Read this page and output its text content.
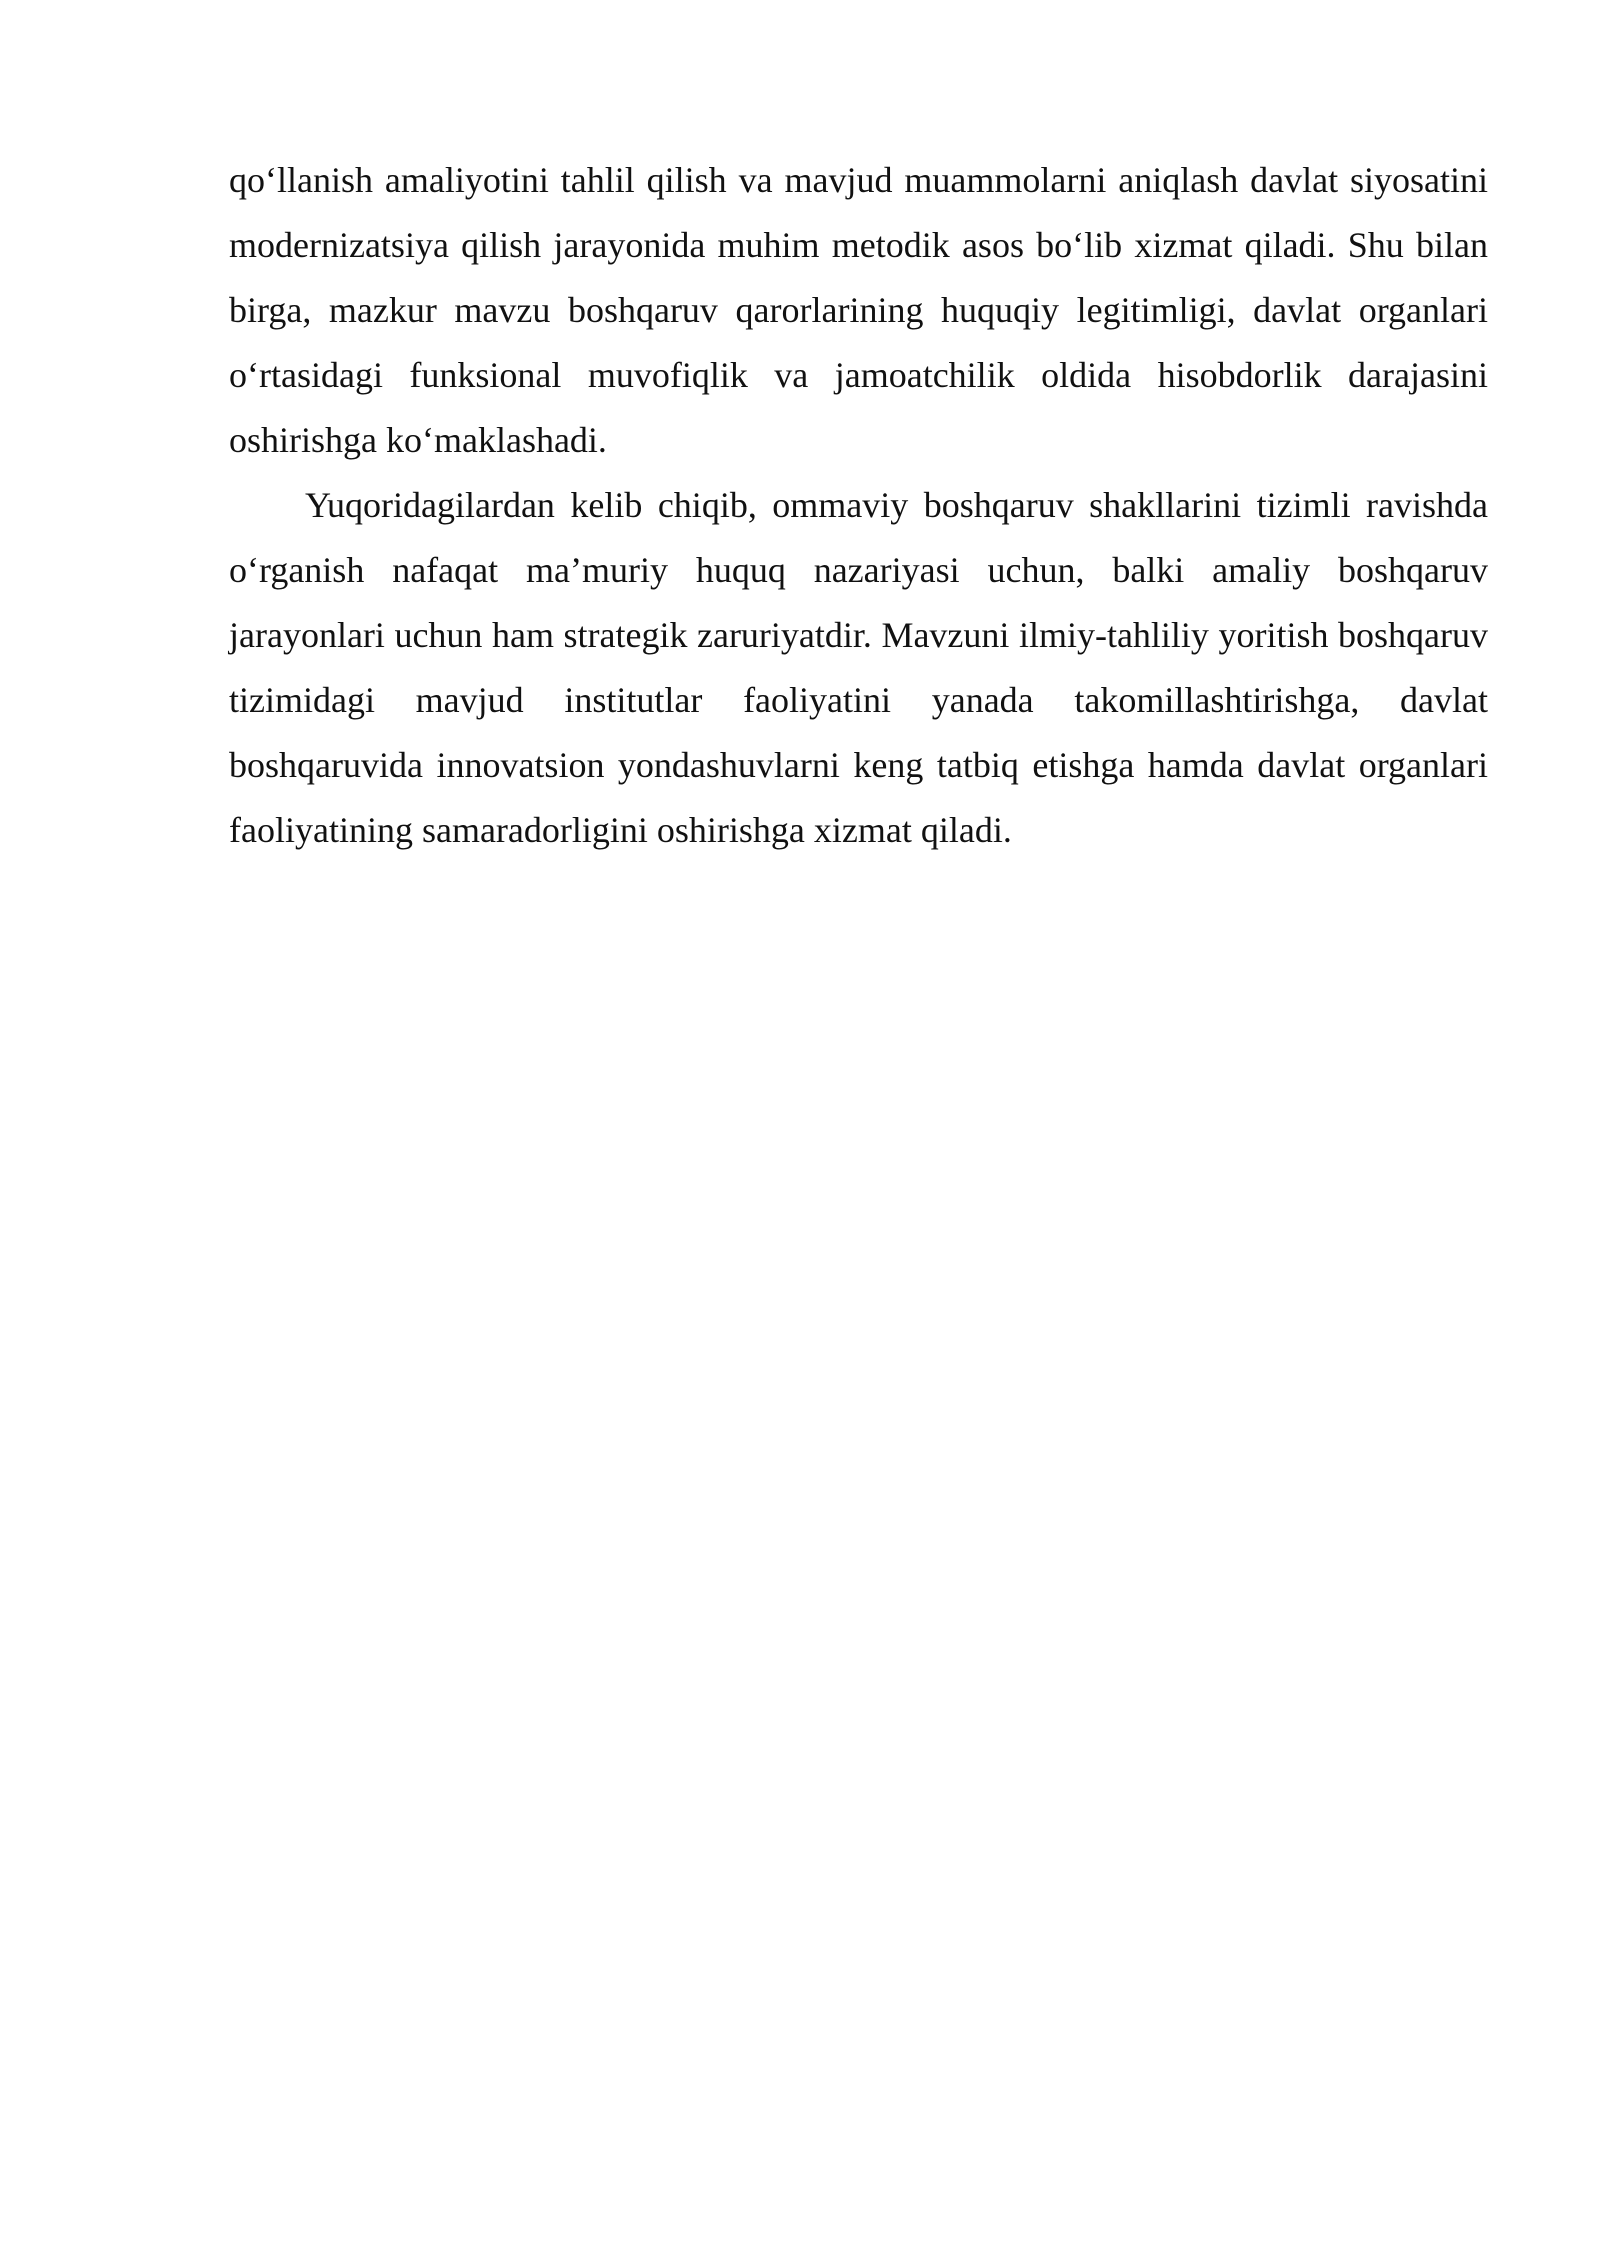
qo‘llanish amaliyotini tahlil qilish va mavjud muammolarni aniqlash davlat siyosatini modernizatsiya qilish jarayonida muhim metodik asos bo‘lib xizmat qiladi. Shu bilan birga, mazkur mavzu boshqaruv qarorlarining huquqiy legitimligi, davlat organlari o‘rtasidagi funksional muvofiqlik va jamoatchilik oldida hisobdorlik darajasini oshirishga ko‘maklashadi.

Yuqoridagilardan kelib chiqib, ommaviy boshqaruv shakllarini tizimli ravishda o‘rganish nafaqat ma’muriy huquq nazariyasi uchun, balki amaliy boshqaruv jarayonlari uchun ham strategik zaruriyatdir. Mavzuni ilmiy-tahliliy yoritish boshqaruv tizimidagi mavjud institutlar faoliyatini yanada takomillashtirishga, davlat boshqaruvida innovatsion yondashuvlarni keng tatbiq etishga hamda davlat organlari faoliyatining samaradorligini oshirishga xizmat qiladi.
